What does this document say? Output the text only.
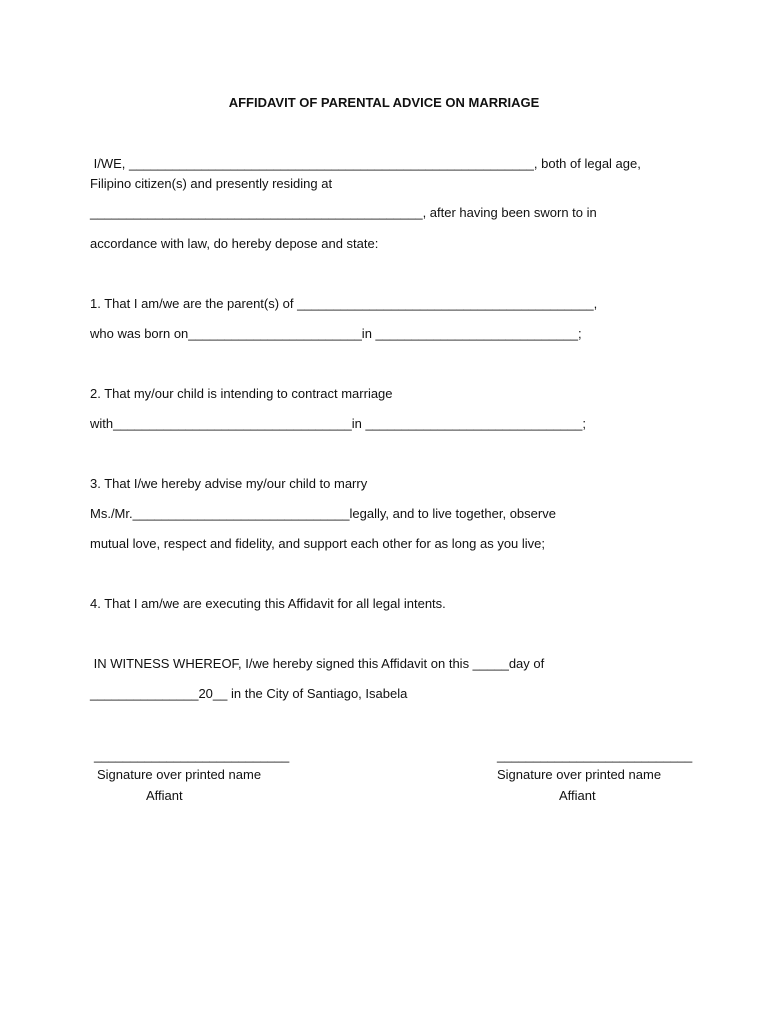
AFFIDAVIT OF PARENTAL ADVICE ON MARRIAGE
I/WE, ________________________________________________________, both of legal age,
Filipino citizen(s) and presently residing at
______________________________________________, after having been sworn to in
accordance with law, do hereby depose and state:
1. That I am/we are the parent(s) of _________________________________________,
who was born on________________________in ____________________________;
2. That my/our child is intending to contract marriage
with_________________________________in ______________________________;
3. That I/we hereby advise my/our child to marry
Ms./Mr.______________________________legally, and to live together, observe
mutual love, respect and fidelity, and support each other for as long as you live;
4. That I am/we are executing this Affidavit for all legal intents.
IN WITNESS WHEREOF, I/we hereby signed this Affidavit on this _____day of
_______________20__ in the City of Santiago, Isabela
___________________________
Signature over printed name
Affiant
___________________________
Signature over printed name
Affiant
